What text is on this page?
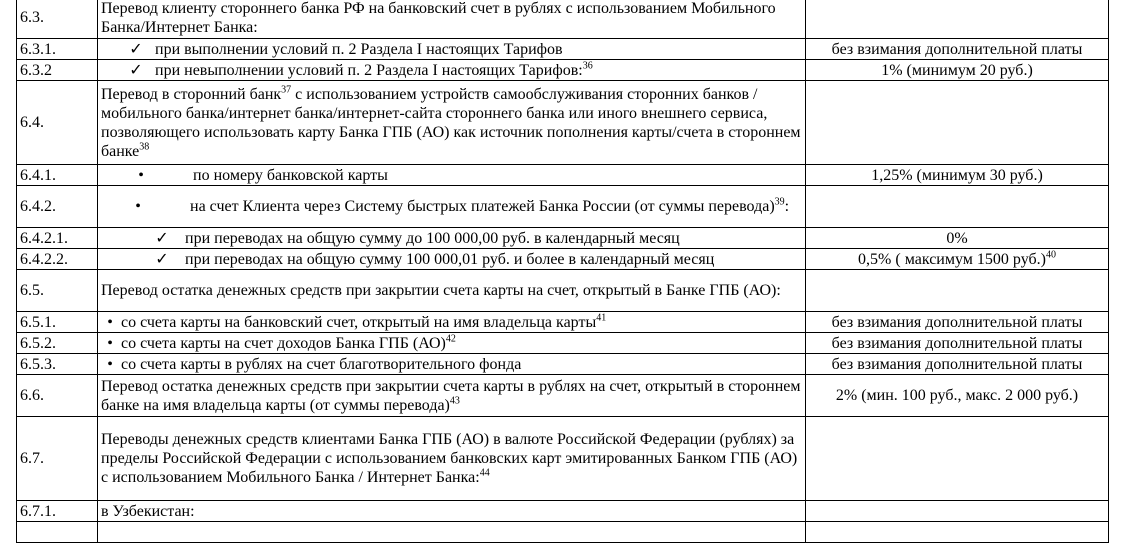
6.3.	Перевод клиенту стороннего банка РФ на банковский счет в рублях с использованием Мобильного Банка/Интернет Банка:	
6.3.1.	✓ при выполнении условий п. 2 Раздела I настоящих Тарифов	без взимания дополнительной платы
6.3.2	✓ при невыполнении условий п. 2 Раздела I настоящих Тарифов:$^{36}$	1% (минимум 20 руб.)
6.4.	Перевод в сторонний банк$^{37}$ с использованием устройств самообслуживания сторонних банков /мобильного банка/интернет банка/интернет-сайта стороннего банка или иного внешнего сервиса, позволяющего использовать карту Банка ГПБ (АО) как источник пополнения карты/счета в стороннем банке$^{38}$	
6.4.1.	• по номеру банковской карты	1,25% (минимум 30 руб.)
6.4.2.	• на счет Клиента через Систему быстрых платежей Банка России (от суммы перевода)$^{39}$:	

6.4.2.1.	✓ при переводах на общую сумму до 100 000,00 руб. в календарный месяц	0%
6.4.2.2.	✓ при переводах на общую сумму 100 000,01 руб. и более в календарный месяц	0,5% ( максимум 1500 руб.)$^{40}$
6.5.	Перевод остатка денежных средств при закрытии счета карты на счет, открытый в Банке ГПБ (АО):	
6.5.1.	• со счета карты на банковский счет, открытый на имя владельца карты$^{41}$	без взимания дополнительной платы
6.5.2.	• со счета карты на счет доходов Банка ГПБ (АО)$^{42}$	без взимания дополнительной платы
6.5.3.	• со счета карты в рублях на счет благотворительного фонда	без взимания дополнительной платы
6.6.	Перевод остатка денежных средств при закрытии счета карты в рублях на счет, открытый в стороннем банке на имя владельца карты (от суммы перевода)$^{43}$	2% (мин. 100 руб., макс. 2 000 руб.)
6.7.	Переводы денежных средств клиентами Банка ГПБ (АО) в валюте Российской Федерации (рублях) за пределы Российской Федерации с использованием банковских карт эмитированных Банком ГПБ (АО) с использованием Мобильного Банка / Интернет Банка:$^{44}$	
6.7.1.	в Узбекистан:	
